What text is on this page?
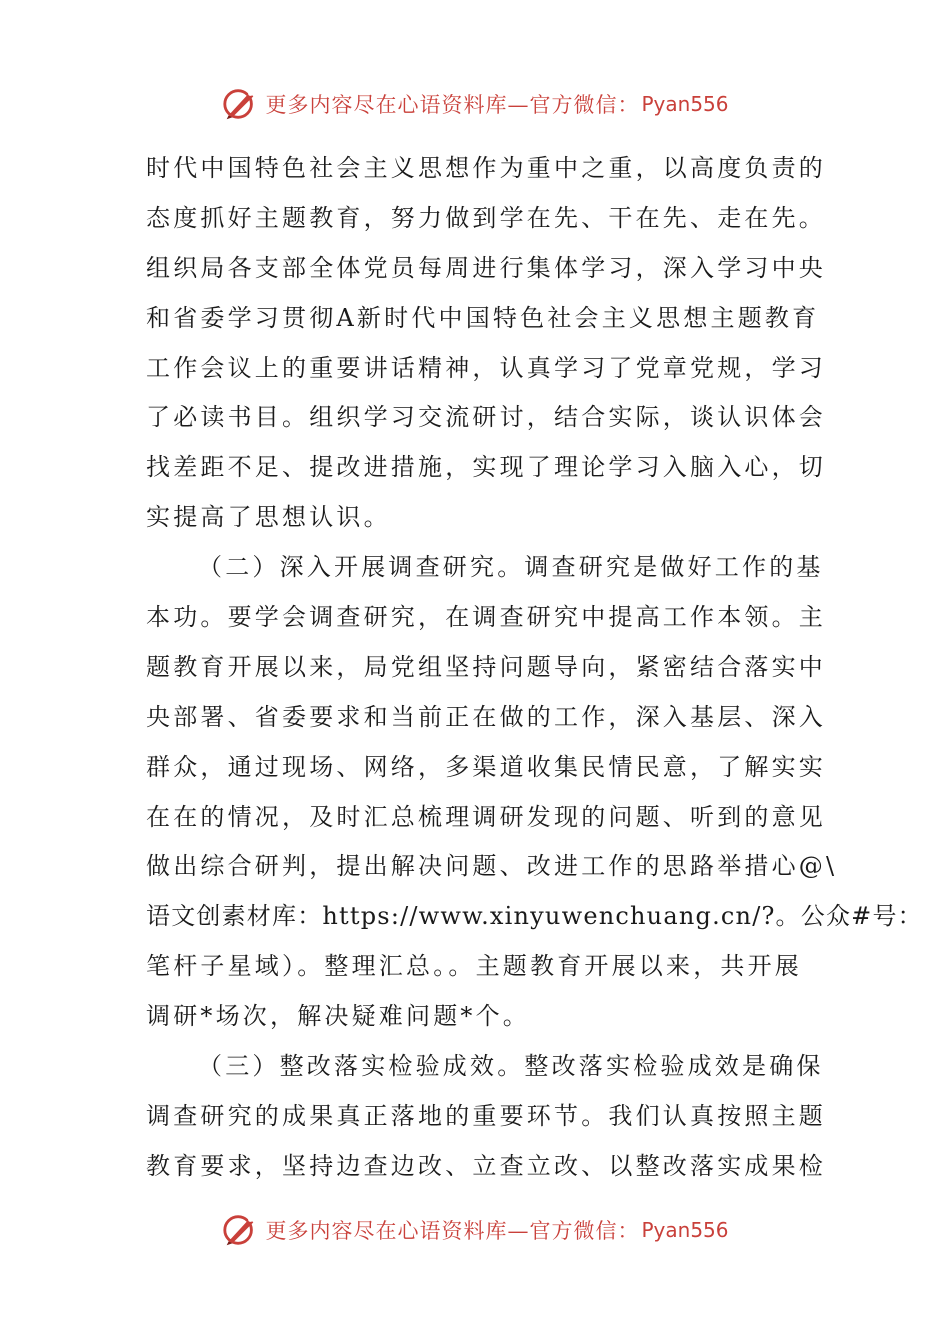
更多内容尽在心语资料库—官方微信： Pyan556
时代中国特色社会主义思想作为重中之重，以高度负责的
态度抓好主题教育，努力做到学在先、干在先、走在先。
组织局各支部全体党员每周进行集体学习，深入学习中央
和省委学习贯彻A新时代中国特色社会主义思想主题教育
工作会议上的重要讲话精神，认真学习了党章党规，学习
了必读书目。组织学习交流研讨，结合实际，谈认识体会
找差距不足、提改进措施，实现了理论学习入脑入心，切
实提高了思想认识。
（二）深入开展调查研究。调查研究是做好工作的基
本功。要学会调查研究，在调查研究中提高工作本领。主
题教育开展以来，局党组坚持问题导向，紧密结合落实中
央部署、省委要求和当前正在做的工作，深入基层、深入
群众，通过现场、网络，多渠道收集民情民意，了解实实
在在的情况，及时汇总梳理调研发现的问题、听到的意见
做出综合研判，提出解决问题、改进工作的思路举措心@\
语文创素材库：https://www.xinyuwenchuang.cn/?。公众#号：
笔杆子星域）。整理汇总。。主题教育开展以来，共开展
调研*场次，解决疑难问题*个。
（三）整改落实检验成效。整改落实检验成效是确保
调查研究的成果真正落地的重要环节。我们认真按照主题
教育要求，坚持边查边改、立查立改、以整改落实成果检
更多内容尽在心语资料库—官方微信： Pyan556
